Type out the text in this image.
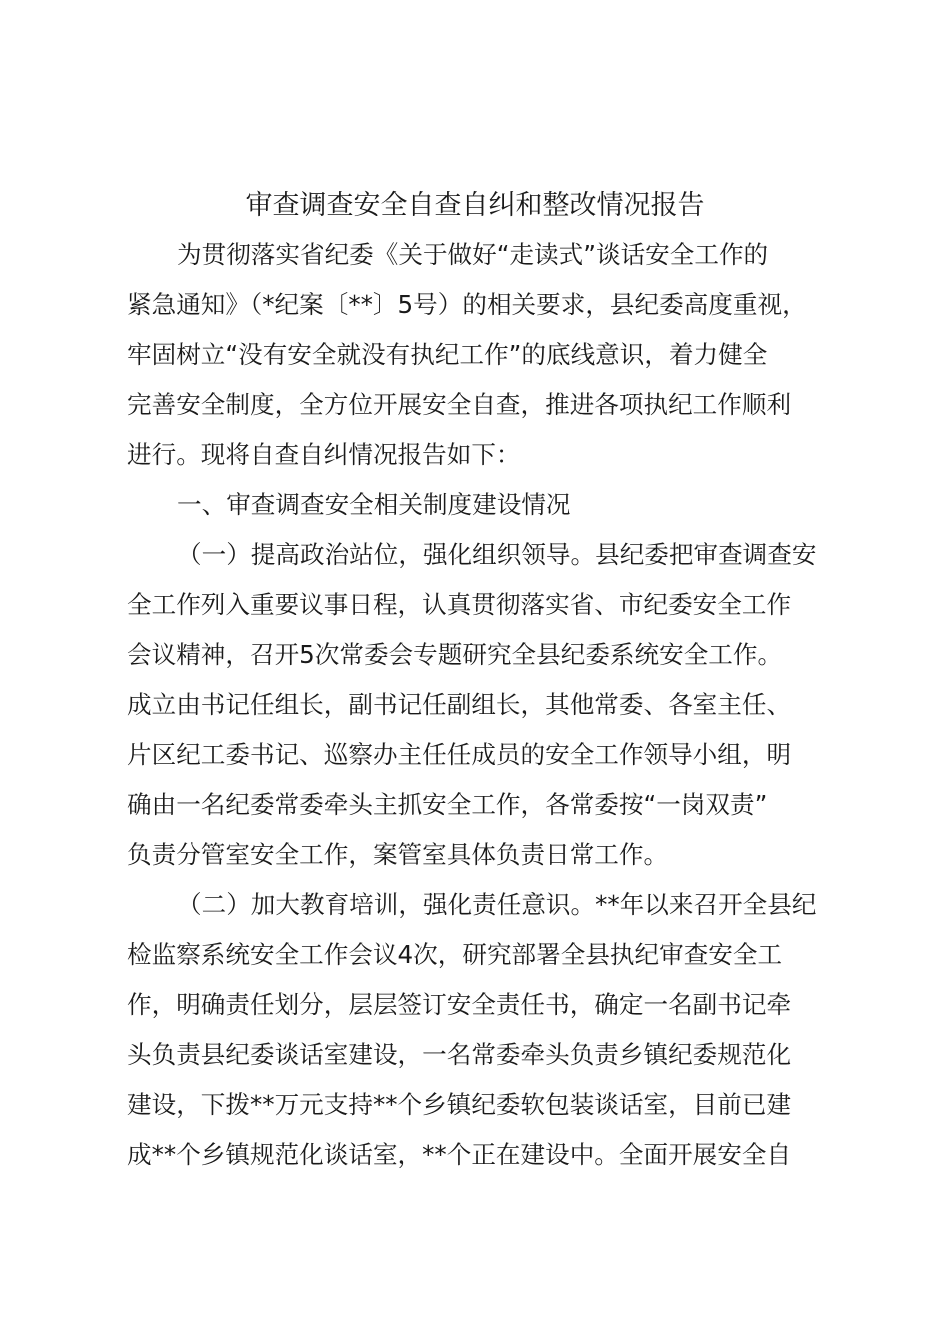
审查调查安全自查自纠和整改情况报告
为贯彻落实省纪委《关于做好“走读式”谈话安全工作的
紧急通知》（*纪案〔**〕5号）的相关要求，县纪委高度重视，
牢固树立“没有安全就没有执纪工作”的底线意识，着力健全
完善安全制度，全方位开展安全自查，推进各项执纪工作顺利
进行。现将自查自纠情况报告如下：
一、审查调查安全相关制度建设情况
（一）提高政治站位，强化组织领导。县纪委把审查调查安
全工作列入重要议事日程，认真贯彻落实省、市纪委安全工作
会议精神，召开5次常委会专题研究全县纪委系统安全工作。
成立由书记任组长，副书记任副组长，其他常委、各室主任、
片区纪工委书记、巡察办主任任成员的安全工作领导小组，明
确由一名纪委常委牵头主抓安全工作，各常委按“一岗双责”
负责分管室安全工作，案管室具体负责日常工作。
（二）加大教育培训，强化责任意识。**年以来召开全县纪
检监察系统安全工作会议4次，研究部署全县执纪审查安全工
作，明确责任划分，层层签订安全责任书，确定一名副书记牵
头负责县纪委谈话室建设，一名常委牵头负责乡镇纪委规范化
建设，下拨**万元支持**个乡镇纪委软包装谈话室，目前已建
成**个乡镇规范化谈话室，**个正在建设中。全面开展安全自
